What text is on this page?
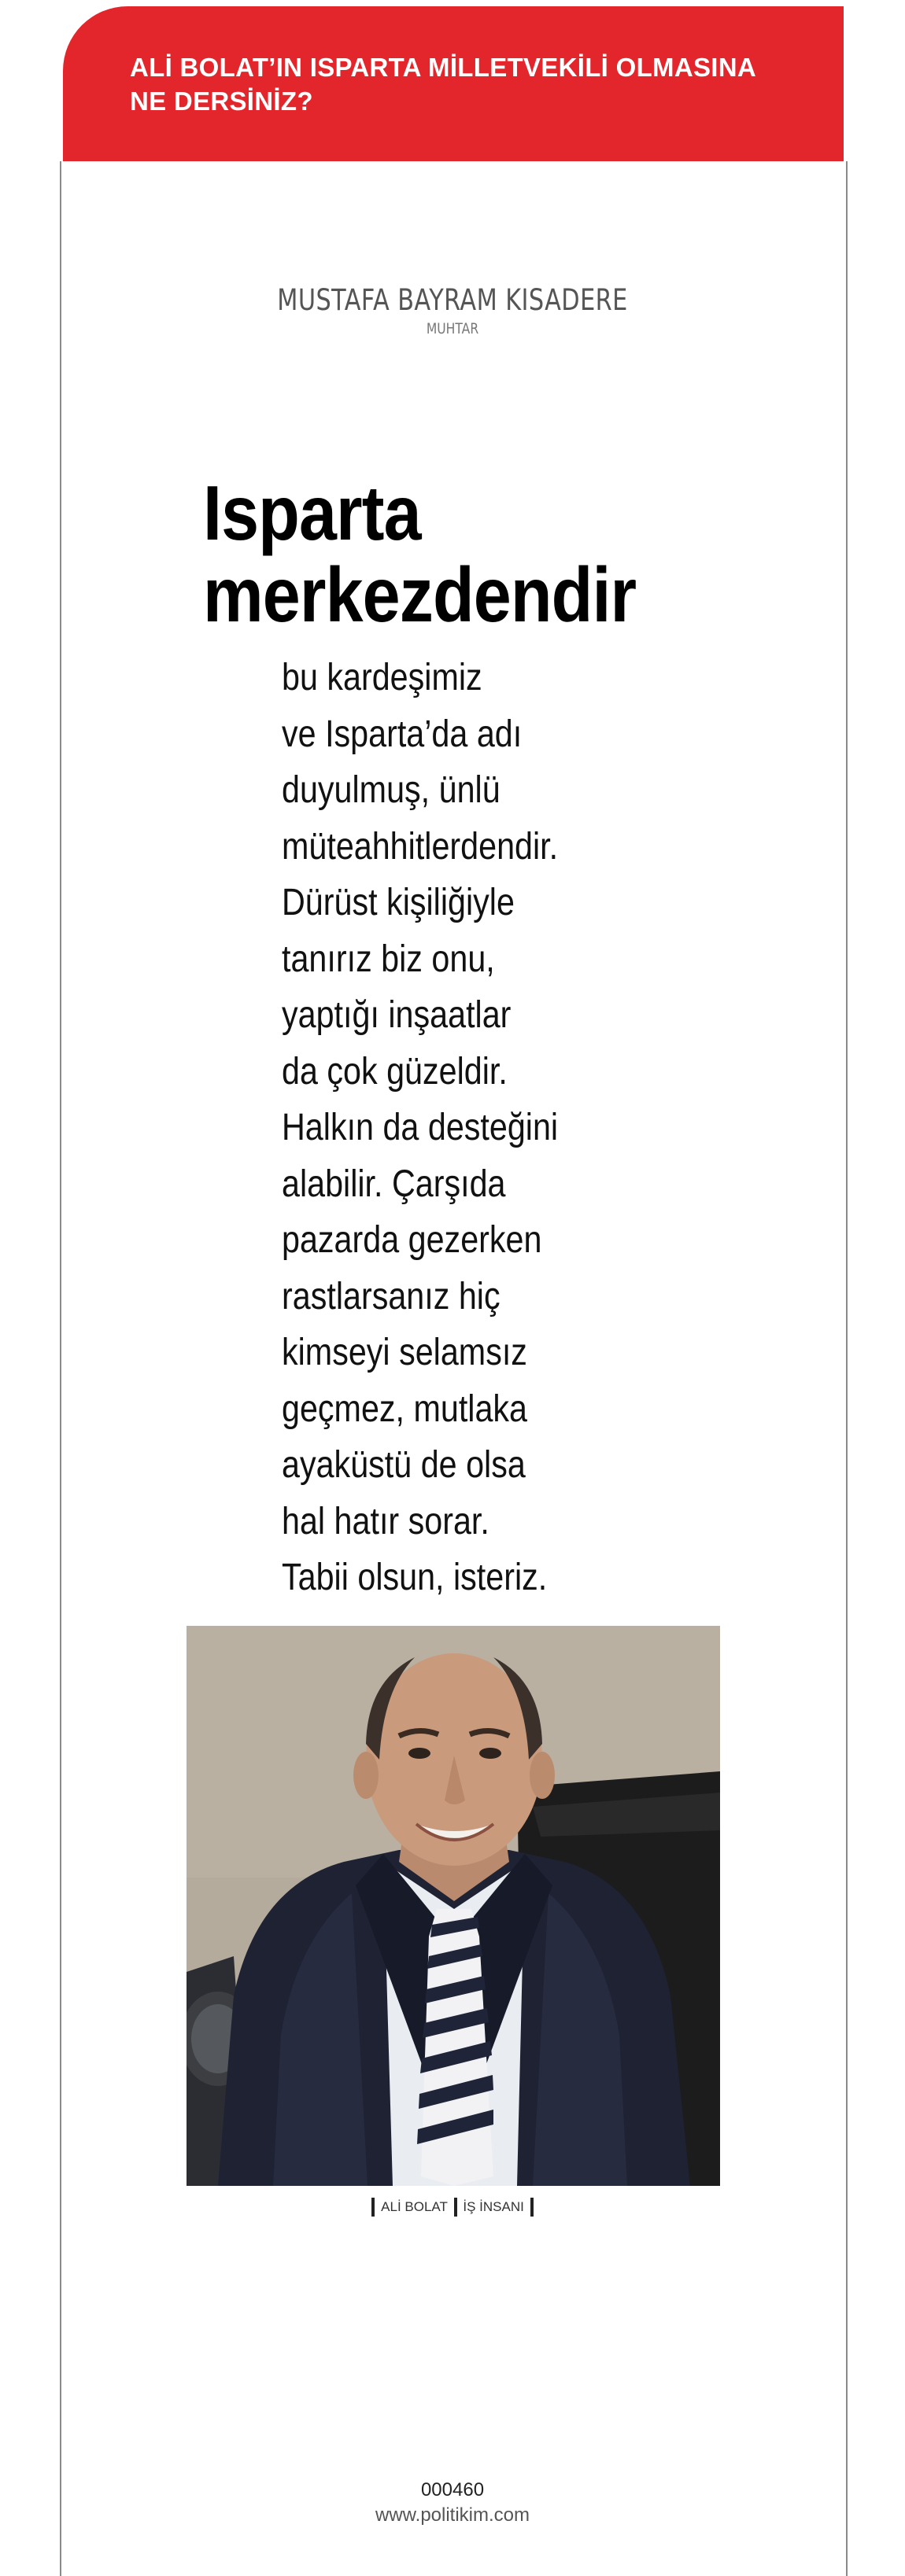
ALİ BOLAT’IN ISPARTA MİLLETVEKİLİ OLMASINA
NE DERSİNİZ?
MUSTAFA BAYRAM KISADERE
MUHTAR
Isparta
merkezdendir
bu kardeşimiz
ve Isparta’da adı
duyulmuş, ünlü
müteahhitlerdendir.
Dürüst kişiliğiyle
tanırız biz onu,
yaptığı inşaatlar
da çok güzeldir.
Halkın da desteğini
alabilir. Çarşıda
pazarda gezerken
rastlarsanız hiç
kimseyi selamsız
geçmez, mutlaka
ayaküstü de olsa
hal hatır sorar.
Tabii olsun, isteriz.
ALİ BOLAT İŞ İNSANI
000460
www.politikim.com
